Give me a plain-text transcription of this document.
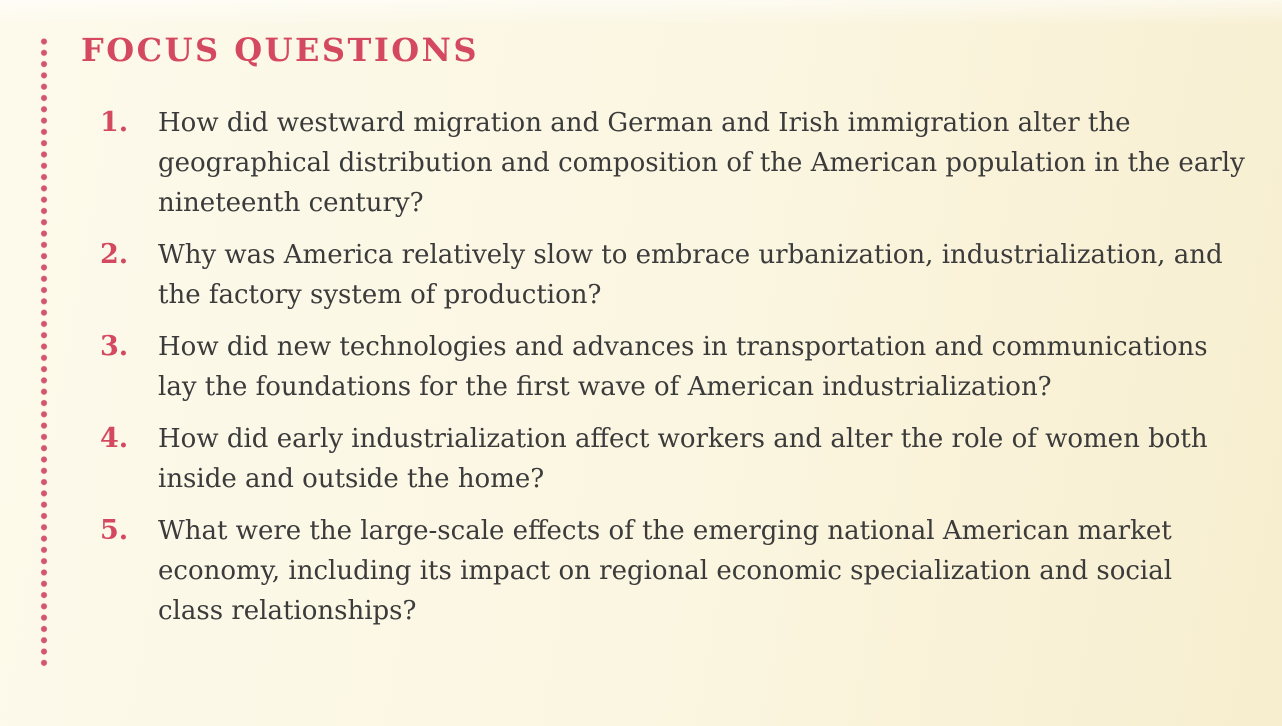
FOCUS QUESTIONS
1.	How did westward migration and German and Irish immigration alter the geographical distribution and composition of the American population in the early nineteenth century?
2.	Why was America relatively slow to embrace urbanization, industrialization, and the factory system of production?
3.	How did new technologies and advances in transportation and communications lay the foundations for the first wave of American industrialization?
4.	How did early industrialization affect workers and alter the role of women both inside and outside the home?
5.	What were the large-scale effects of the emerging national American market economy, including its impact on regional economic specialization and social class relationships?
